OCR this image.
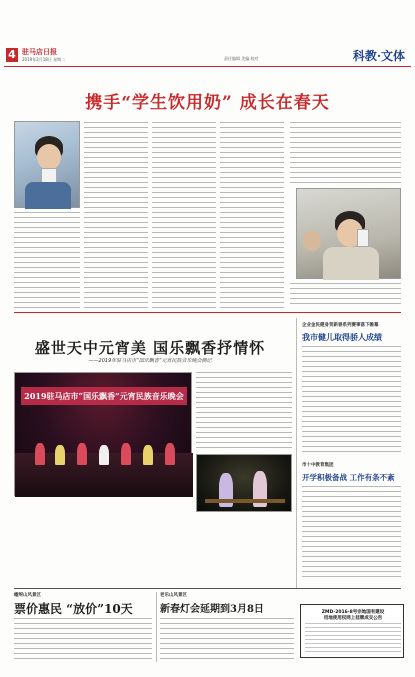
4 驻马店日报
2019年2月18日 星期二	责任编辑 美编 校对	科教·文体
携手“学生饮用奶” 成长在春天

盛世天中元宵美 国乐飘香抒情怀
——2019年驻马店市“国乐飘香”元宵民族音乐晚会侧记

2019驻马店市“国乐飘香”元宵民族音乐晚会

企业金民健身贺新春系列赛事落下帷幕
我市健儿取得骄人成绩
市十中教育集团
开学积极备战 工作有条不紊
嵖岈山风景区
票价惠民 “放价”10天
老乐山风景区
新春灯会延期到3月8日	ZMD-2016-8号宗地国有建设
用地使用权网上挂牌成交公告
